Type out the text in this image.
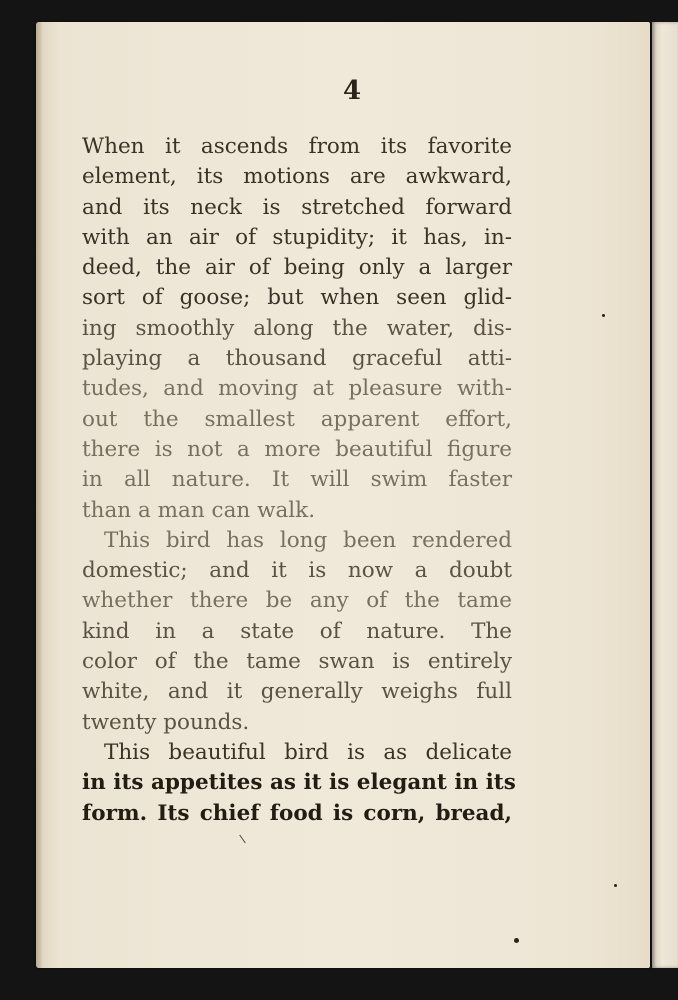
4
When it ascends from its favorite
element, its motions are awkward,
and its neck is stretched forward
with an air of stupidity; it has, in-
deed, the air of being only a larger
sort of goose; but when seen glid-
ing smoothly along the water, dis-
playing a thousand graceful atti-
tudes, and moving at pleasure with-
out the smallest apparent effort,
there is not a more beautiful figure
in all nature. It will swim faster
than a man can walk.
This bird has long been rendered
domestic; and it is now a doubt
whether there be any of the tame
kind in a state of nature. The
color of the tame swan is entirely
white, and it generally weighs full
twenty pounds.
This beautiful bird is as delicate
in its appetites as it is elegant in its
form. Its chief food is corn, bread,
